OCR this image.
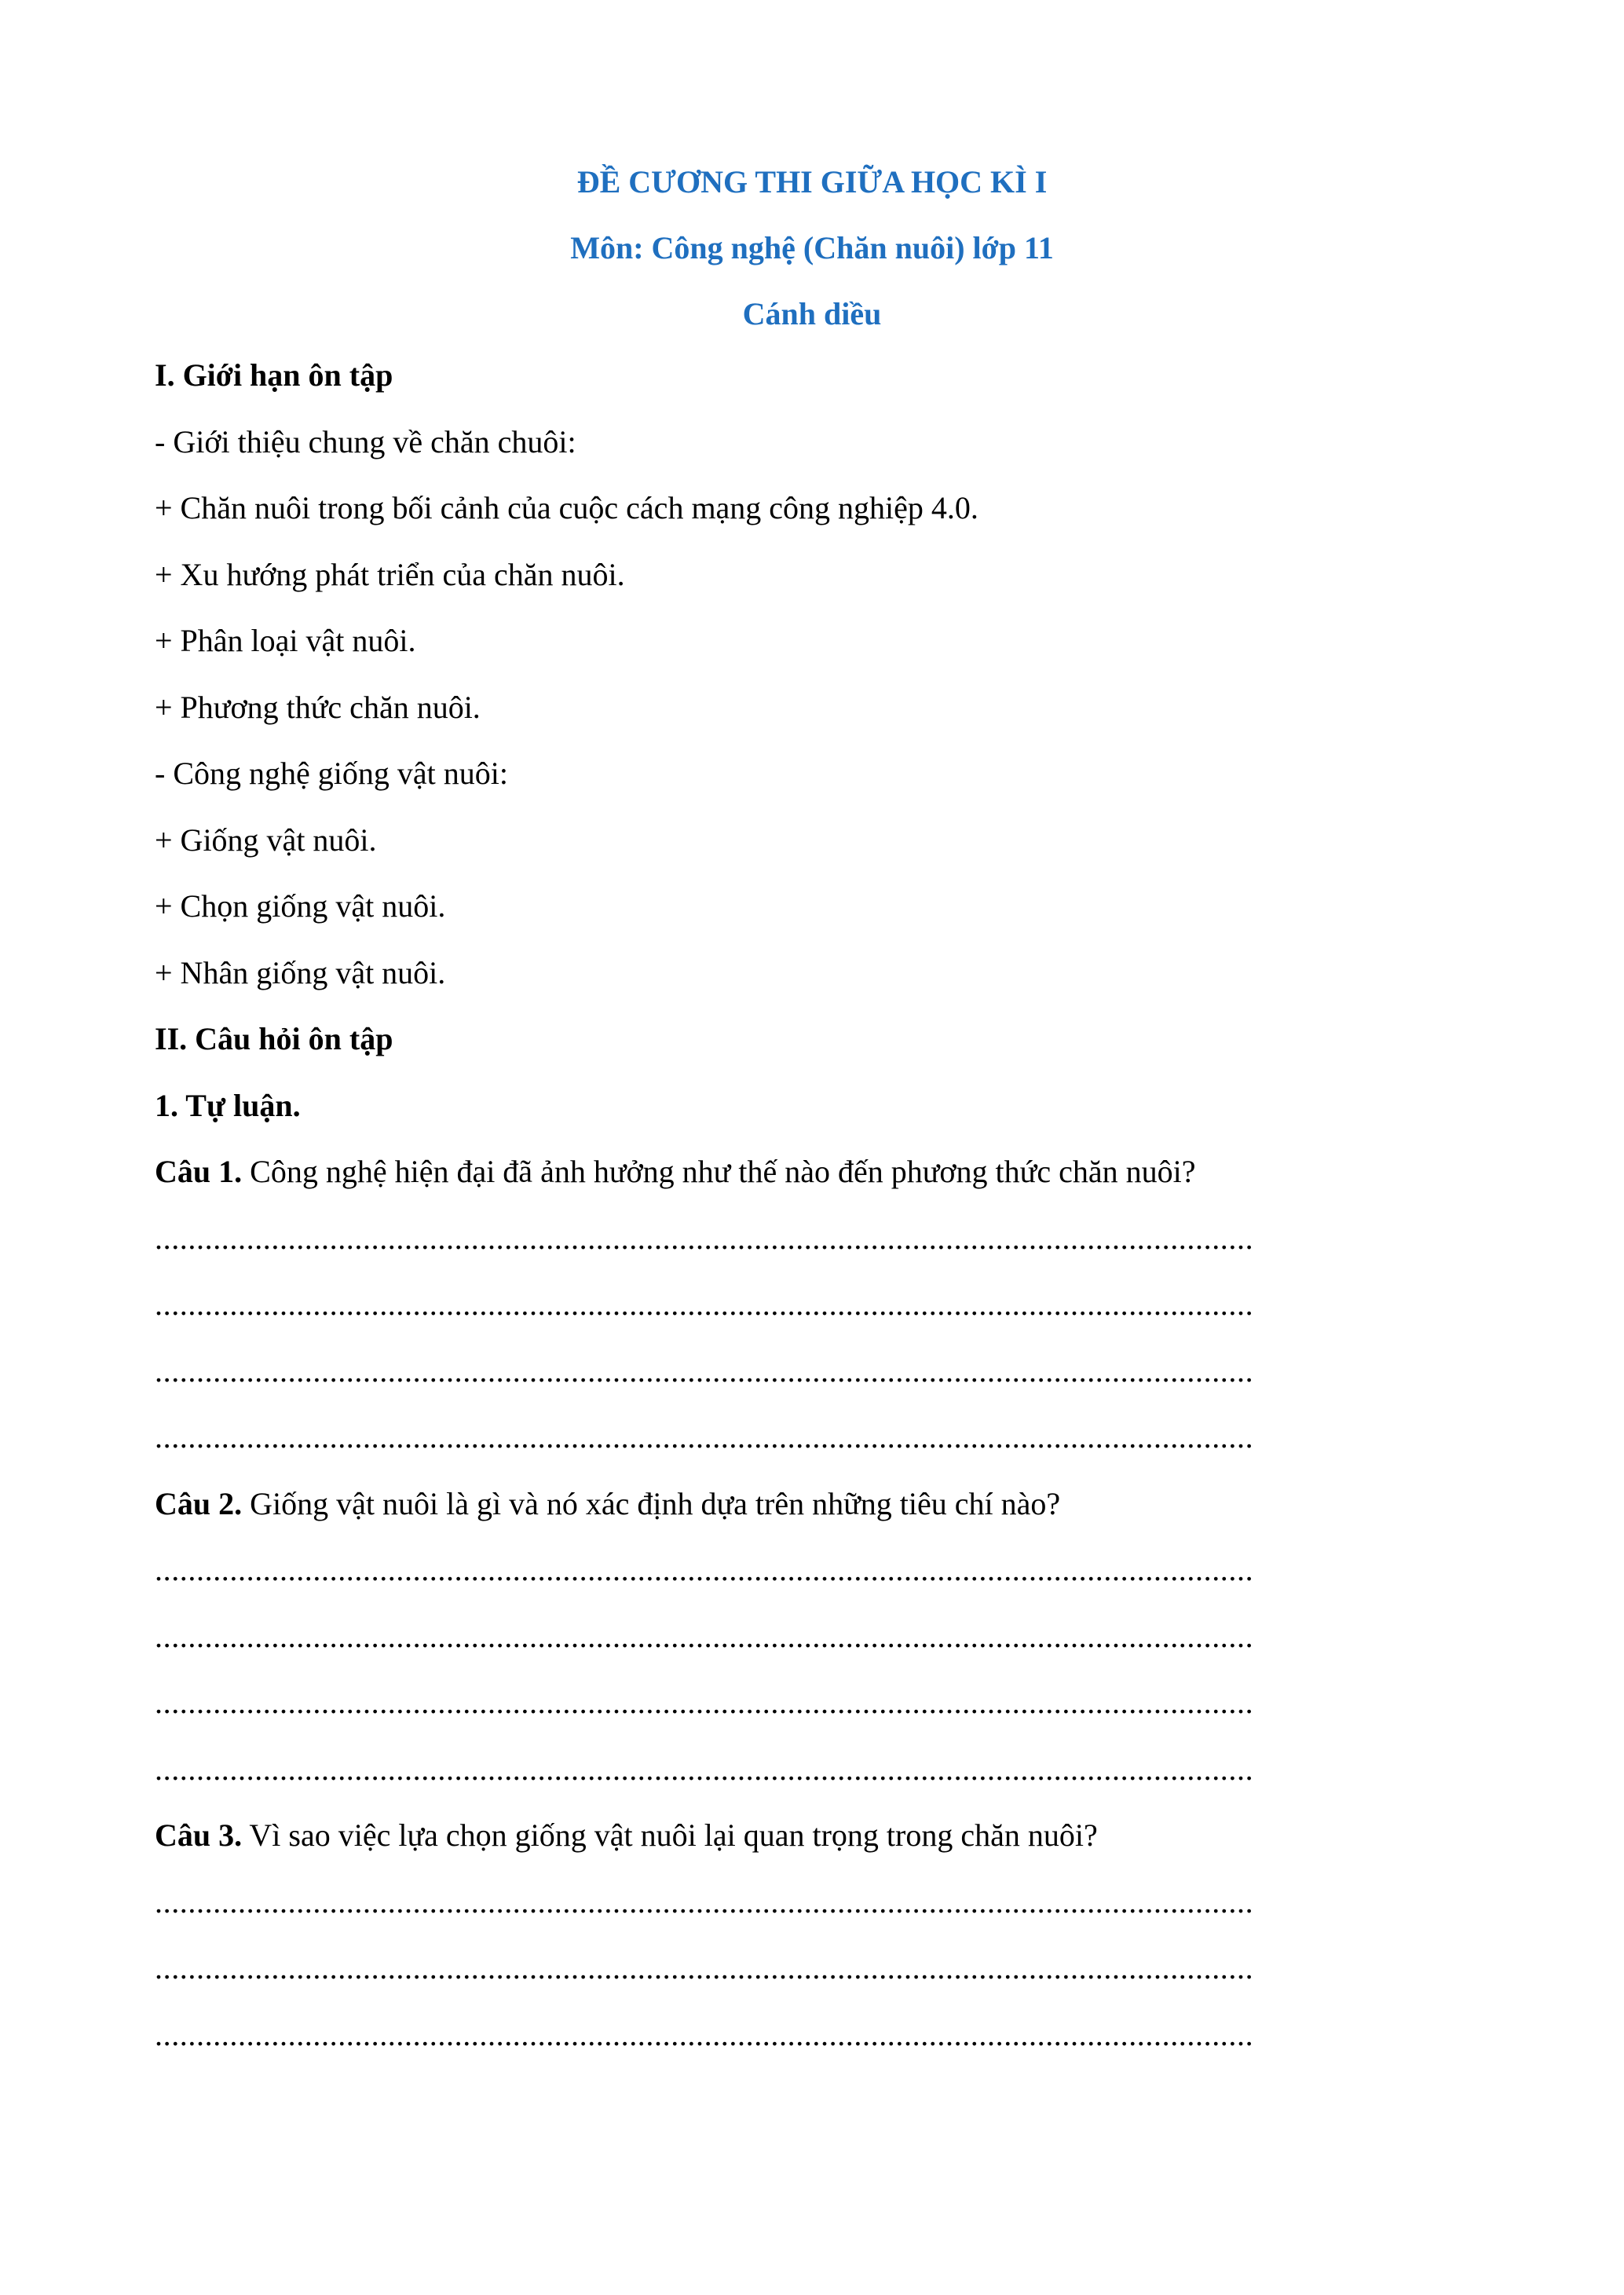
ĐỀ CƯƠNG THI GIỮA HỌC KÌ I
Môn: Công nghệ (Chăn nuôi) lớp 11
Cánh diều
I. Giới hạn ôn tập
- Giới thiệu chung về chăn chuôi:
+ Chăn nuôi trong bối cảnh của cuộc cách mạng công nghiệp 4.0.
+ Xu hướng phát triển của chăn nuôi.
+ Phân loại vật nuôi.
+ Phương thức chăn nuôi.
- Công nghệ giống vật nuôi:
+ Giống vật nuôi.
+ Chọn giống vật nuôi.
+ Nhân giống vật nuôi.
II. Câu hỏi ôn tập
1. Tự luận.
Câu 1. Công nghệ hiện đại đã ảnh hưởng như thế nào đến phương thức chăn nuôi?
....................................................................................................................................
....................................................................................................................................
....................................................................................................................................
....................................................................................................................................
Câu 2. Giống vật nuôi là gì và nó xác định dựa trên những tiêu chí nào?
....................................................................................................................................
....................................................................................................................................
....................................................................................................................................
....................................................................................................................................
Câu 3. Vì sao việc lựa chọn giống vật nuôi lại quan trọng trong chăn nuôi?
....................................................................................................................................
....................................................................................................................................
....................................................................................................................................
